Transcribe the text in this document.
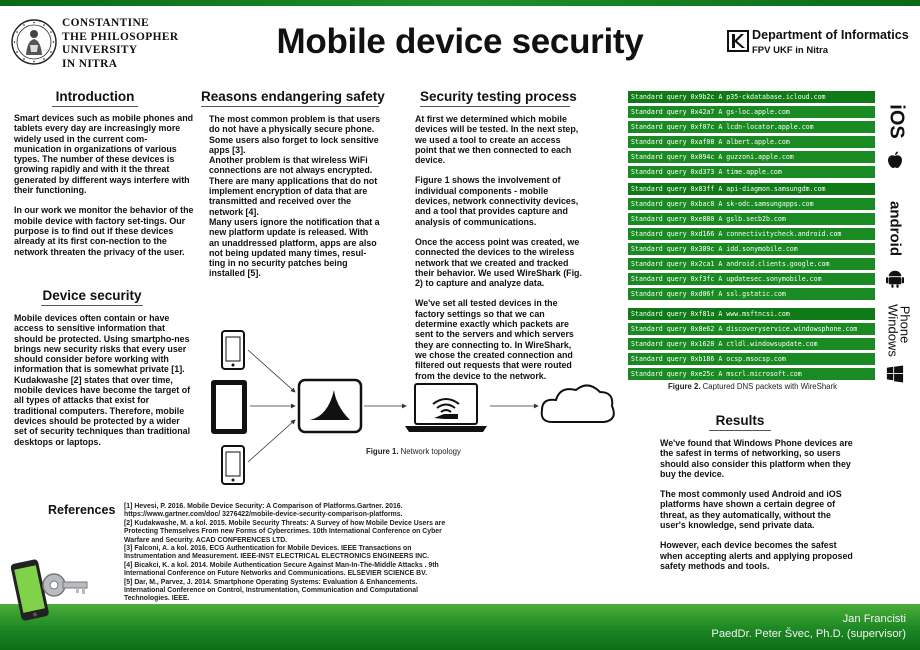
CONSTANTINE
THE PHILOSOPHER
UNIVERSITY
IN NITRA
Mobile device security	Department of Informatics
FPV UKF in Nitra
Introduction

Smart devices such as mobile phones and tablets every day are increasingly more widely used in the current com-munication in organizations of various types. The number of these devices is growing rapidly and with it the threat generated by different ways interfere with their functioning.

In our work we monitor the behavior of the mobile device with factory set-tings. Our purpose is to find out if these devices already at its first con-nection to the network threaten the privacy of the user.

Device security

Mobile devices often contain or have access to sensitive information that should be protected. Using smartpho-nes brings new security risks that every user should consider before working with information that is somewhat private [1].

Kudakwashe [2] states that over time, mobile devices have become the target of all types of attacks that exist for traditional computers. Therefore, mobile devices should be protected by a wider set of security techniques than traditional desktops or laptops.

Reasons endangering safety

The most common problem is that users do not have a physically secure phone. Some users also forget to lock sensitive apps [3].

Another problem is that wireless WiFi connections are not always encrypted. There are many applications that do not implement encryption of data that are transmitted and received over the network [4].

Many users ignore the notification that a new platform update is released. With an unaddressed platform, apps are also not being updated many times, resul-ting in no security patches being installed [5].

Security testing process

At first we determined which mobile devices will be tested. In the next step, we used a tool to create an access point that we then connected to each device.

Figure 1 shows the involvement of individual components - mobile devices, network connectivity devices, and a tool that provides capture and analysis of communications.

Once the access point was created, we connected the devices to the wireless network that we created and tracked their behavior. We used WireShark (Fig. 2) to capture and analyze data.

We've set all tested devices in the factory settings so that we can determine exactly which packets are sent to the servers and which servers they are connecting to. In WireShark, we chose the created connection and filtered out requests that were routed from the device to the network.

Standard query 0x9b2c A p35-ckdatabase.icloud.com
Standard query 0x42a7 A gs-loc.apple.com
Standard query 0xf07c A lcdn-locator.apple.com
Standard query 0xaf08 A albert.apple.com
Standard query 0x094c A guzzoni.apple.com
Standard query 0xd373 A time.apple.com
Standard query 0x83ff A api-diagmon.samsungdm.com
Standard query 0xbac8 A sk-odc.samsungapps.com
Standard query 0xe880 A gslb.secb2b.com
Standard query 0xd166 A connectivitycheck.android.com
Standard query 0x389c A idd.sonymobile.com
Standard query 0x2ca1 A android.clients.google.com
Standard query 0xf3fc A updatesec.sonymobile.com
Standard query 0xd06f A ssl.gstatic.com
Standard query 0xf81a A www.msftncsi.com
Standard query 0x8e62 A discoveryservice.windowsphone.com
Standard query 0x1628 A ctldl.windowsupdate.com
Standard query 0xb186 A ocsp.msocsp.com
Standard query 0xe25c A mscrl.microsoft.com
iOS
android
Windows
Phone
Figure 2. Captured DNS packets with WireShark
Results

We've found that Windows Phone devices are the safest in terms of networking, so users should also consider this platform when they buy the device.

The most commonly used Android and iOS platforms have shown a certain degree of threat, as they automatically, without the user's knowledge, send private data.

However, each device becomes the safest when accepting alerts and applying proposed safety methods and tools.

Figure 1. Network topology
References [1] Hevesi, P. 2016. Mobile Device Security: A Comparison of Platforms.Gartner. 2016. https://www.gartner.com/doc/ 3276422/mobile-device-security-comparison-platforms.
[2] Kudakwashe, M. a kol. 2015. Mobile Security Threats: A Survey of how Mobile Device Users are Protecting Themselves From new Forms of Cybercrimes. 10th International Conference on Cyber Warfare and Security. ACAD CONFERENCES LTD.
[3] Falconi, A. a kol. 2016. ECG Authentication for Mobile Devices. IEEE Transactions on Instrumentation and Measurement. IEEE-INST ELECTRICAL ELECTRONICS ENGINEERS INC.
[4] Bicakci, K. a kol. 2014. Mobile Authentication Secure Against Man-In-The-Middle Attacks . 9th International Conference on Future Networks and Communications. ELSEVIER SCIENCE BV.
[5] Dar, M., Parvez, J. 2014. Smartphone Operating Systems: Evaluation & Enhancements. International Conference on Control, Instrumentation, Communication and Computational Technologies. IEEE.
Jan Francisti
PaedDr. Peter Švec, Ph.D. (supervisor)
